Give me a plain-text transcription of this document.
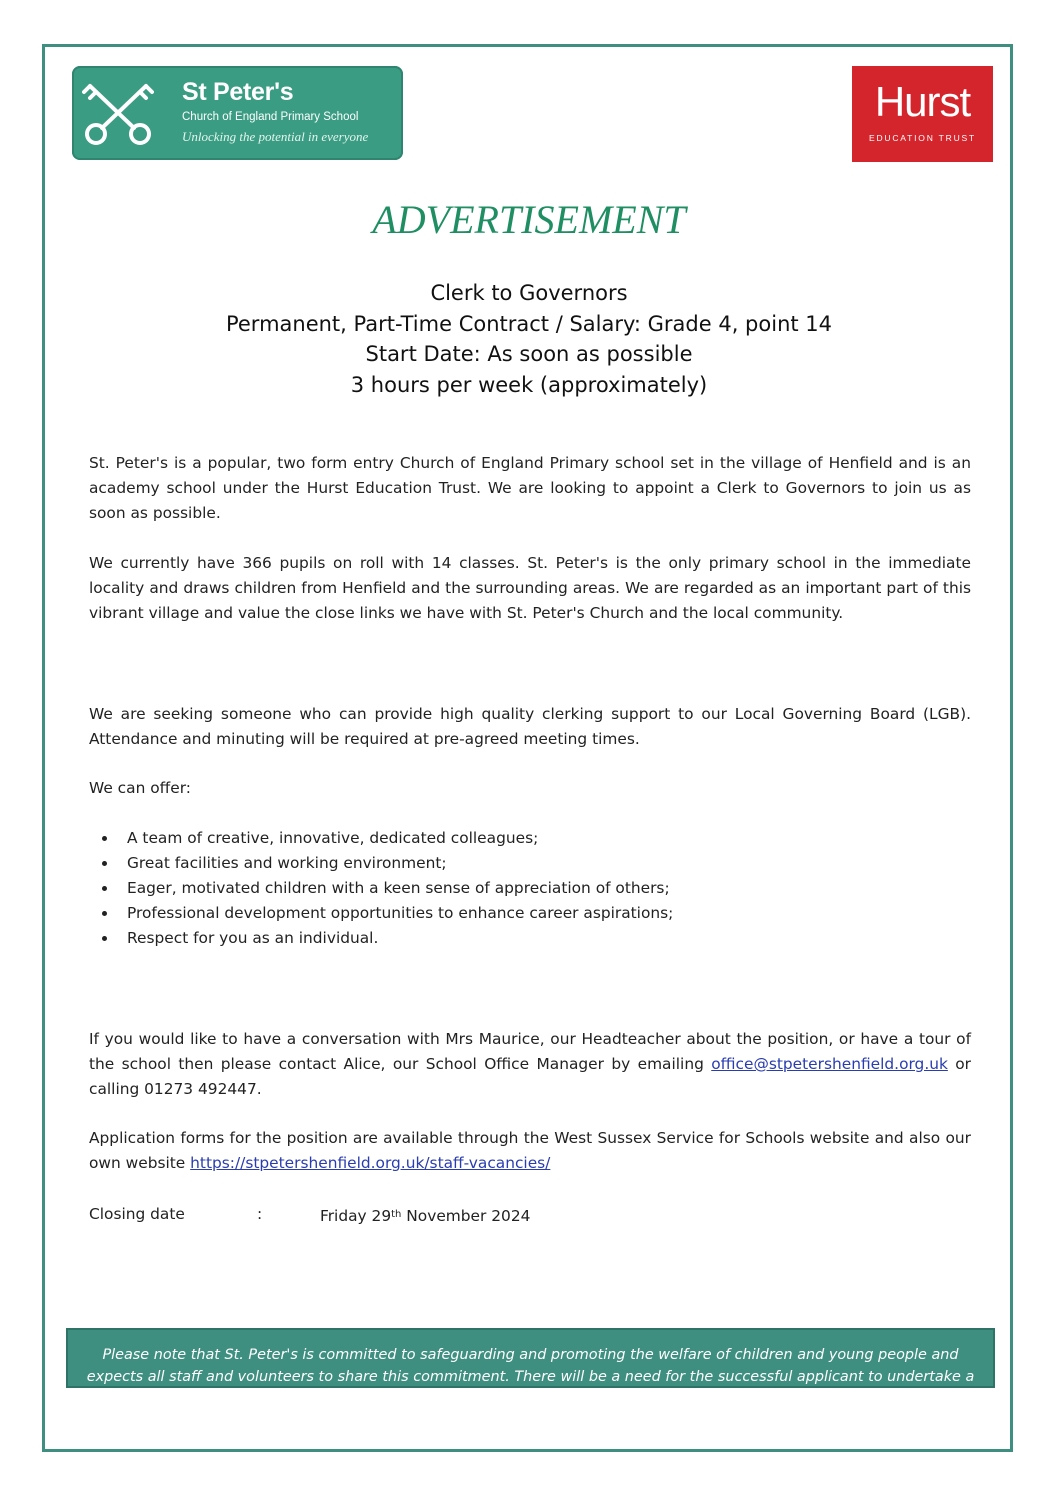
St Peter's
Church of England Primary School
Unlocking the potential in everyone
Hurst
EDUCATION TRUST
ADVERTISEMENT
Clerk to Governors
Permanent, Part-Time Contract / Salary: Grade 4, point 14
Start Date: As soon as possible
3 hours per week (approximately)
St. Peter's is a popular, two form entry Church of England Primary school set in the village of Henfield and is an academy school under the Hurst Education Trust. We are looking to appoint a Clerk to Governors to join us as soon as possible.
We currently have 366 pupils on roll with 14 classes. St. Peter's is the only primary school in the immediate locality and draws children from Henfield and the surrounding areas. We are regarded as an important part of this vibrant village and value the close links we have with St. Peter's Church and the local community.
We are seeking someone who can provide high quality clerking support to our Local Governing Board (LGB). Attendance and minuting will be required at pre-agreed meeting times.
We can offer:
A team of creative, innovative, dedicated colleagues;
Great facilities and working environment;
Eager, motivated children with a keen sense of appreciation of others;
Professional development opportunities to enhance career aspirations;
Respect for you as an individual.
If you would like to have a conversation with Mrs Maurice, our Headteacher about the position, or have a tour of the school then please contact Alice, our School Office Manager by emailing office@stpetershenfield.org.uk or calling 01273 492447.
Application forms for the position are available through the West Sussex Service for Schools website and also our own website https://stpetershenfield.org.uk/staff-vacancies/
Closing date	:	Friday 29th November 2024
Please note that St. Peter's is committed to safeguarding and promoting the welfare of children and young people and expects all staff and volunteers to share this commitment. There will be a need for the successful applicant to undertake a criminal record check via the DBS.
